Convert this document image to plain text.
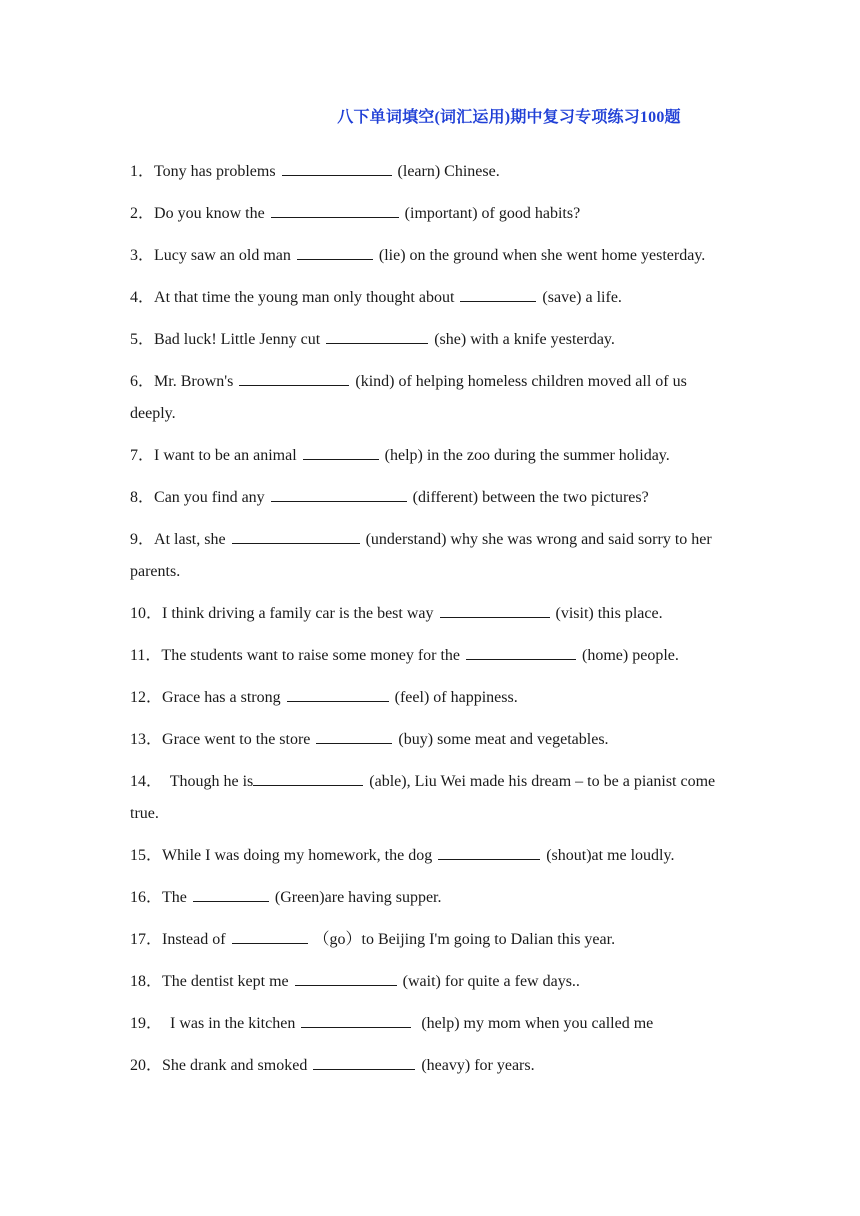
八下单词填空(词汇运用)期中复习专项练习100题
1．Tony has problems	(learn) Chinese.
2．Do you know the	(important) of good habits?
3．Lucy saw an old man	(lie) on the ground when she went home yesterday.
4．At that time the young man only thought about	(save) a life.
5．Bad luck! Little Jenny cut	(she) with a knife yesterday.
6．Mr. Brown's	(kind) of helping homeless children moved all of us deeply.
7．I want to be an animal	(help) in the zoo during the summer holiday.
8．Can you find any	(different) between the two pictures?
9．At last, she	(understand) why she was wrong and said sorry to her parents.
10．I think driving a family car is the best way	(visit) this place.
11．The students want to raise some money for the	(home) people.
12．Grace has a strong	(feel) of happiness.
13．Grace went to the store	(buy) some meat and vegetables.
14．  Though he is	(able), Liu Wei made his dream – to be a pianist come true.
15．While I was doing my homework, the dog	(shout)at me loudly.
16．The	(Green)are having supper.
17．Instead of	（go）to Beijing I'm going to Dalian this year.
18．The dentist kept me	(wait) for quite a few days..
19．  I was in the kitchen	(help) my mom when you called me
20．She drank and smoked	(heavy) for years.
